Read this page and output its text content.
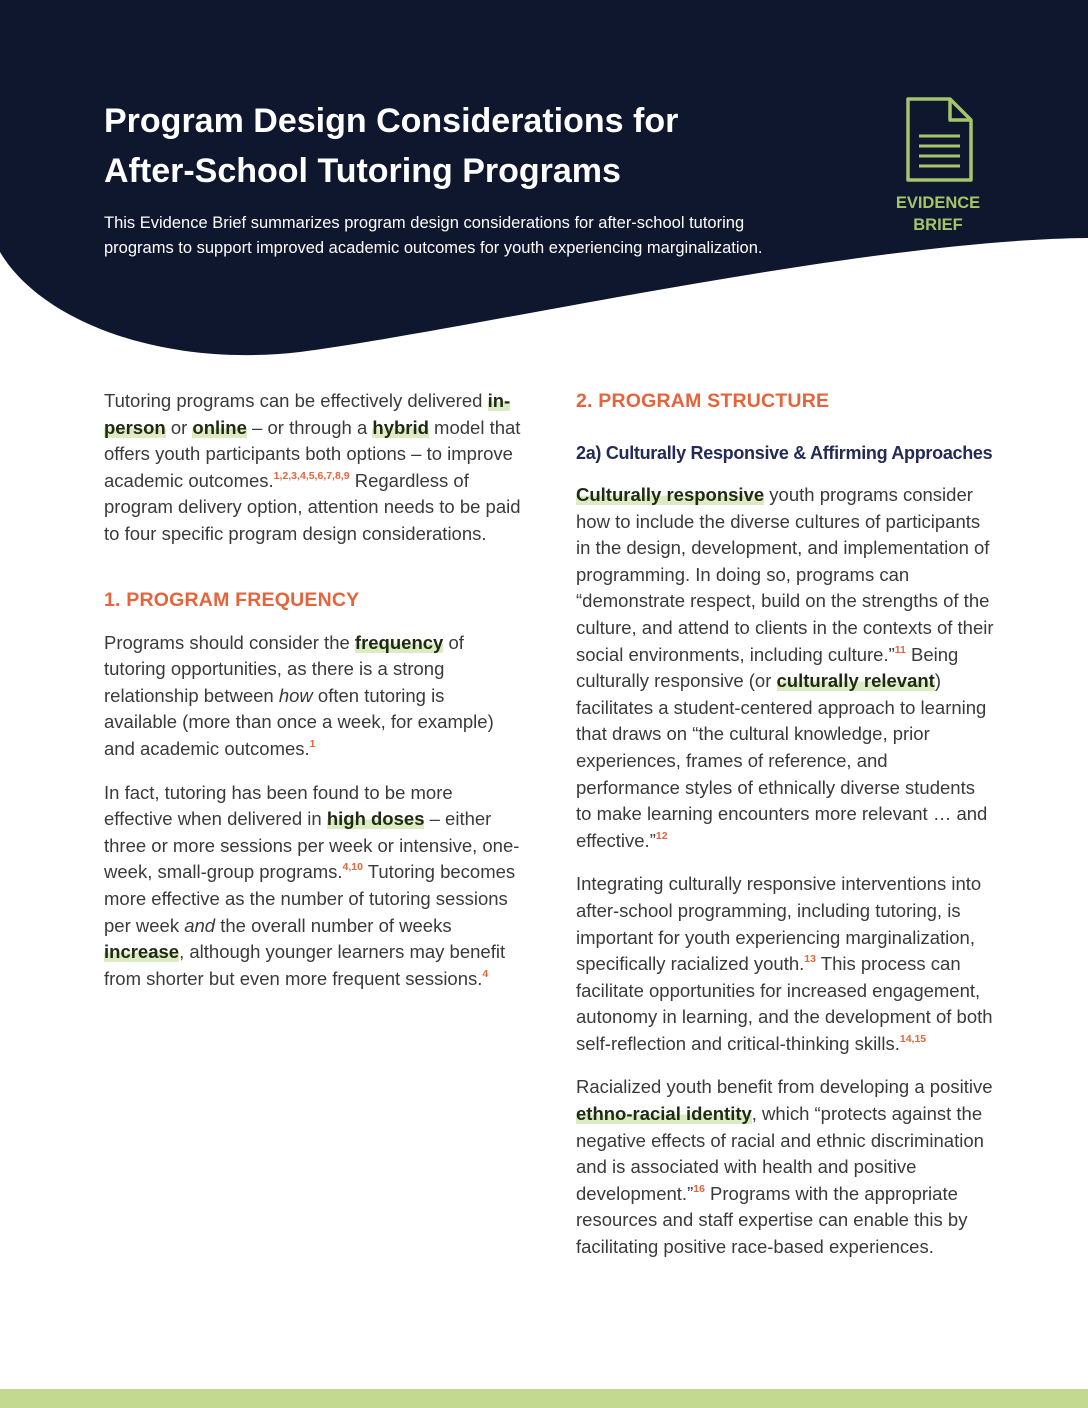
Program Design Considerations for
After-School Tutoring Programs

This Evidence Brief summarizes program design considerations for after-school tutoring
programs to support improved academic outcomes for youth experiencing marginalization.

EVIDENCE
BRIEF

Tutoring programs can be effectively delivered in-person or online – or through a hybrid model that offers youth participants both options – to improve academic outcomes.$^{1,2,3,4,5,6,7,8,9}$ Regardless of program delivery option, attention needs to be paid to four specific program design considerations.

1. PROGRAM FREQUENCY

Programs should consider the frequency of tutoring opportunities, as there is a strong relationship between how often tutoring is available (more than once a week, for example) and academic outcomes.$^1$

In fact, tutoring has been found to be more effective when delivered in high doses – either three or more sessions per week or intensive, one-week, small-group programs.$^{4,10}$ Tutoring becomes more effective as the number of tutoring sessions per week and the overall number of weeks increase, although younger learners may benefit from shorter but even more frequent sessions.$^4$

2. PROGRAM STRUCTURE
2a) Culturally Responsive & Affirming Approaches

Culturally responsive youth programs consider how to include the diverse cultures of participants in the design, development, and implementation of programming. In doing so, programs can “demonstrate respect, build on the strengths of the culture, and attend to clients in the contexts of their social environments, including culture.”$^{11}$ Being culturally responsive (or culturally relevant) facilitates a student-centered approach to learning that draws on “the cultural knowledge, prior experiences, frames of reference, and performance styles of ethnically diverse students to make learning encounters more relevant … and effective.”$^{12}$

Integrating culturally responsive interventions into after-school programming, including tutoring, is important for youth experiencing marginalization, specifically racialized youth.$^{13}$ This process can facilitate opportunities for increased engagement, autonomy in learning, and the development of both self-reflection and critical-thinking skills.$^{14,15}$

Racialized youth benefit from developing a positive ethno-racial identity, which “protects against the negative effects of racial and ethnic discrimination and is associated with health and positive development.”$^{16}$ Programs with the appropriate resources and staff expertise can enable this by facilitating positive race-based experiences.
